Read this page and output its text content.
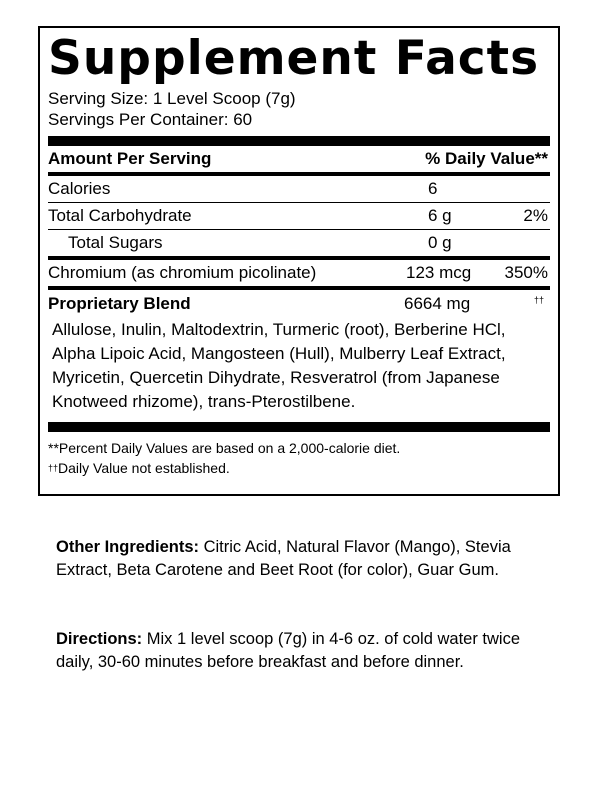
Supplement Facts
Serving Size: 1 Level Scoop (7g)
Servings Per Container: 60
Amount Per Serving	% Daily Value**
Calories	6
Total Carbohydrate	6 g	2%
Total Sugars	0 g
Chromium (as chromium picolinate)	123 mcg 350%
Proprietary Blend	6664 mg	††
Allulose, Inulin, Maltodextrin, Turmeric (root), Berberine HCl, Alpha Lipoic Acid, Mangosteen (Hull), Mulberry Leaf Extract, Myricetin, Quercetin Dihydrate, Resveratrol (from Japanese Knotweed rhizome), trans-Pterostilbene.
**Percent Daily Values are based on a 2,000-calorie diet.
††Daily Value not established.
Other Ingredients: Citric Acid, Natural Flavor (Mango), Stevia Extract, Beta Carotene and Beet Root (for color), Guar Gum.
Directions: Mix 1 level scoop (7g) in 4-6 oz. of cold water twice daily, 30-60 minutes before breakfast and before dinner.
